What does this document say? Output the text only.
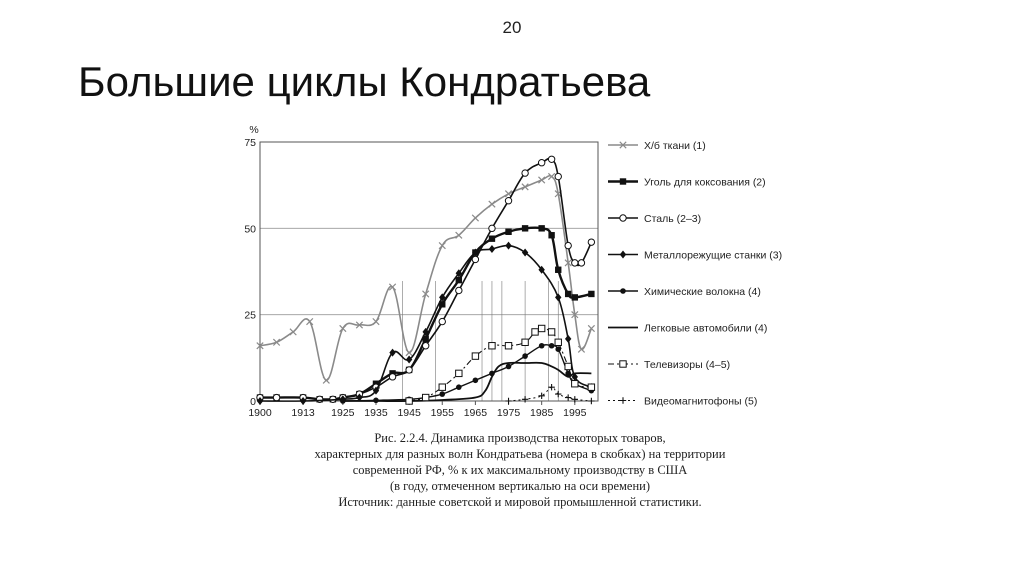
20
Большие циклы Кондратьева
0
25
50
75
%
1900 1913 1925 1935 1945 1955 1965 1975 1985 1995
Х/б ткани (1)
Уголь для коксования (2)
Сталь (2–3)
Металлорежущие станки (3)
Химические волокна (4)
Легковые автомобили (4)
Телевизоры (4–5)
Видеомагнитофоны (5)
Рис. 2.2.4. Динамика производства некоторых товаров,
характерных для разных волн Кондратьева (номера в скобках) на территории
современной РФ, % к их максимальному производству в США
(в году, отмеченном вертикалью на оси времени)
Источник: данные советской и мировой промышленной статистики.
